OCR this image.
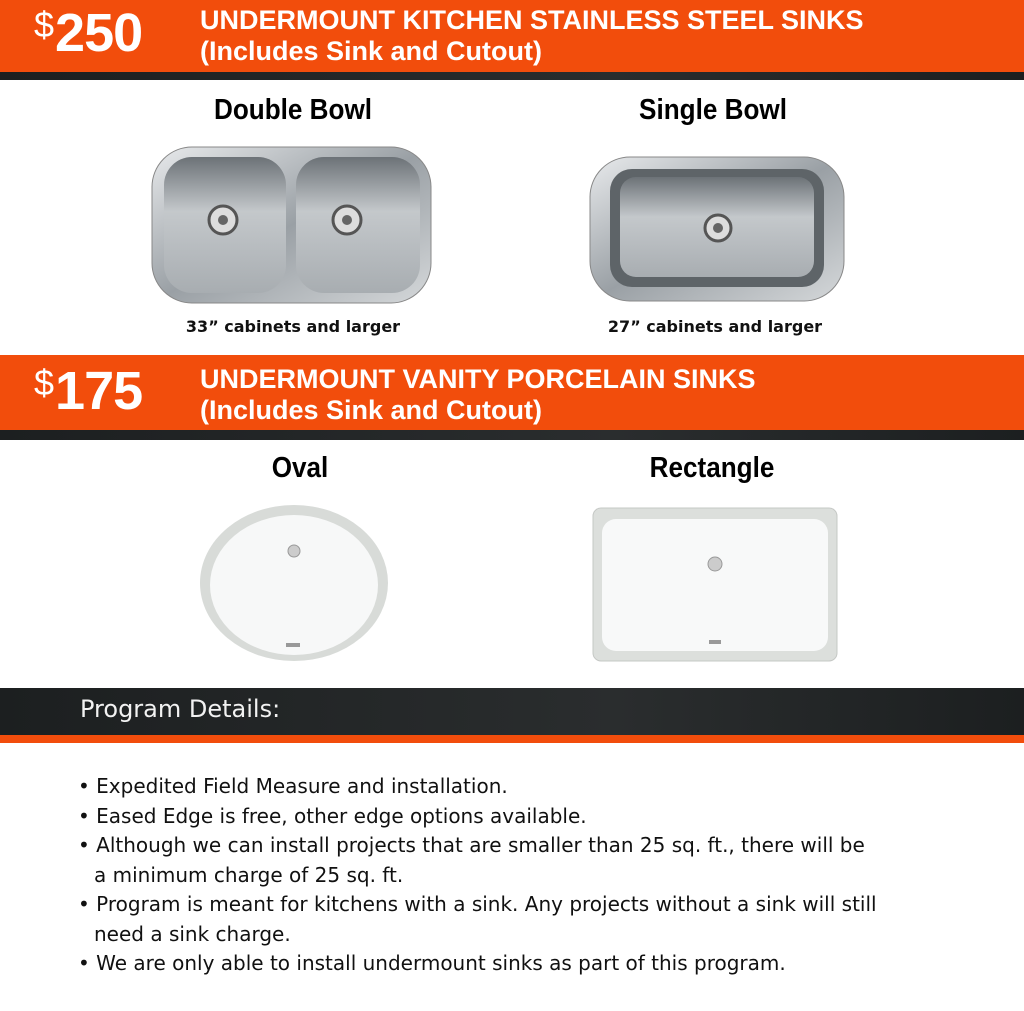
$250 UNDERMOUNT KITCHEN STAINLESS STEEL SINKS
(Includes Sink and Cutout)
Double Bowl	Single Bowl
33” cabinets and larger	27” cabinets and larger
$175 UNDERMOUNT VANITY PORCELAIN SINKS
(Includes Sink and Cutout)
Oval	Rectangle
Program Details:
• Expedited Field Measure and installation.
• Eased Edge is free, other edge options available.
• Although we can install projects that are smaller than 25 sq. ft., there will be a minimum charge of 25 sq. ft.
• Program is meant for kitchens with a sink. Any projects without a sink will still need a sink charge.
• We are only able to install undermount sinks as part of this program.
